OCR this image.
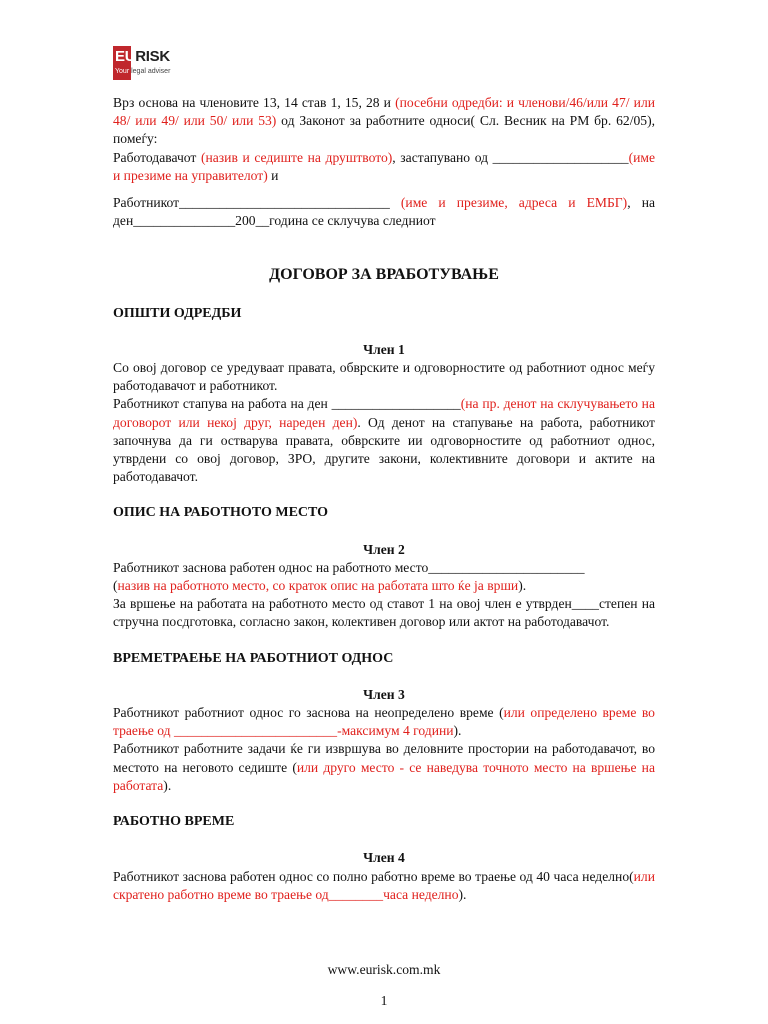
EURISK
Your legal adviser

Врз основа на членовите 13, 14 став 1, 15, 28 и (посебни одредби: и членови/46/или 47/ или 48/ или 49/ или 50/ или 53) од Законот за работните односи( Сл. Весник на РМ бр. 62/05), помеѓу:

Работодавачот (назив и седиште на друштвото), застапувано од ____________________(име и презиме на управителот) и

Работникот_______________________________ (име и презиме, адреса и ЕМБГ), на ден_______________200__година се склучува следниот

ДОГОВОР ЗА ВРАБОТУВАЊЕ

ОПШТИ ОДРЕДБИ

Член 1

Со овој договор се уредуваат правата, обврските и одговорностите од работниот однос меѓу работодавачот и работникот.

Работникот стапува на работа на ден ___________________(на пр. денот на склучувањето на договорот или некој друг, нареден ден). Од денот на стапување на работа, работникот започнува да ги остварува правата, обврските ии одговорностите од работниот однос, утврдени со овој договор, ЗРО, другите закони, колективните договори и актите на работодавачот.

ОПИС НА РАБОТНОТО МЕСТО

Член 2

Работникот заснова работен однос на работното место_______________________

(назив на работното место, со краток опис на работата што ќе ја врши).

За вршење на работата на работното место од ставот 1 на овој член е утврден____степен на стручна посдготовка, согласно закон, колективен договор или актот на работодавачот.

ВРЕМЕТРАЕЊЕ НА РАБОТНИОТ ОДНОС

Член 3

Работникот работниот однос го заснова на неопределено време (или определено време во траење од ________________________-максимум 4 години).

Работникот работните задачи ќе ги извршува во деловните простории на работодавачот, во местото на неговото седиште (или друго место - се наведува точното место на вршење на работата).

РАБОТНО ВРЕМЕ

Член 4

Работникот заснова работен однос со полно работно време во траење од 40 часа неделно(или скратено работно време во траење од________часа неделно).

www.eurisk.com.mk
1
